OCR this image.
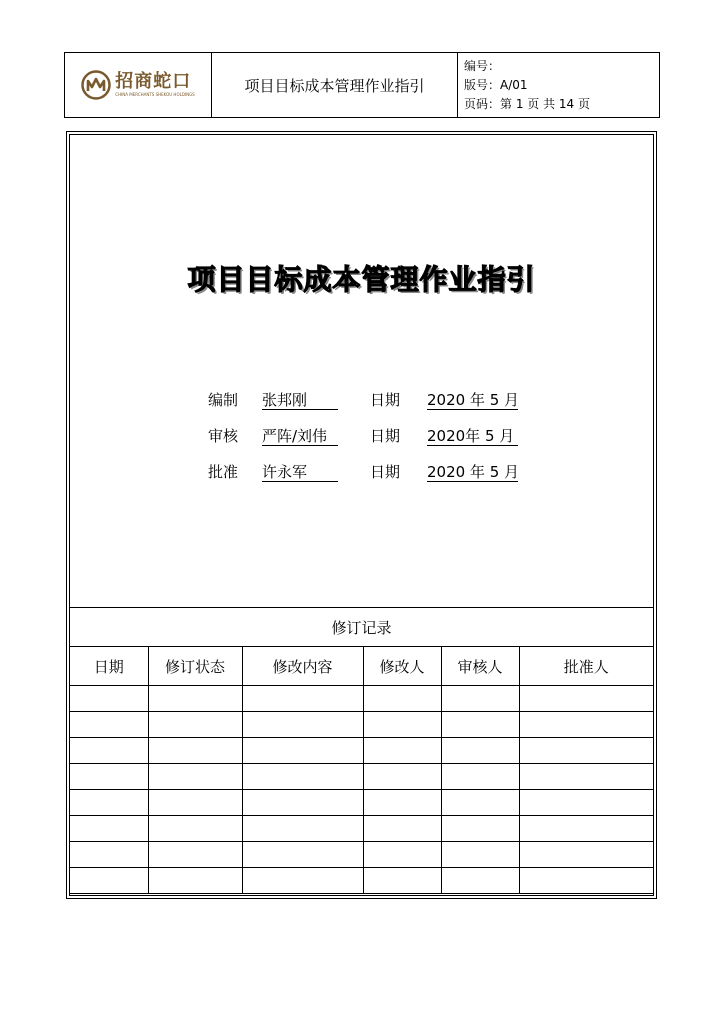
招商蛇口
CHINA MERCHANTS SHEKOU HOLDINGS	项目目标成本管理作业指引
编号：
版号：A/01
页码：第 1 页 共 14 页
项目目标成本管理作业指引
编制	张邦刚	日期	2020 年 5 月
审核	严阵/刘伟	日期	2020年 5 月
批准	许永军	日期	2020 年 5 月
修订记录					
日期	修订状态	修改内容	修改人	审核人	批准人
